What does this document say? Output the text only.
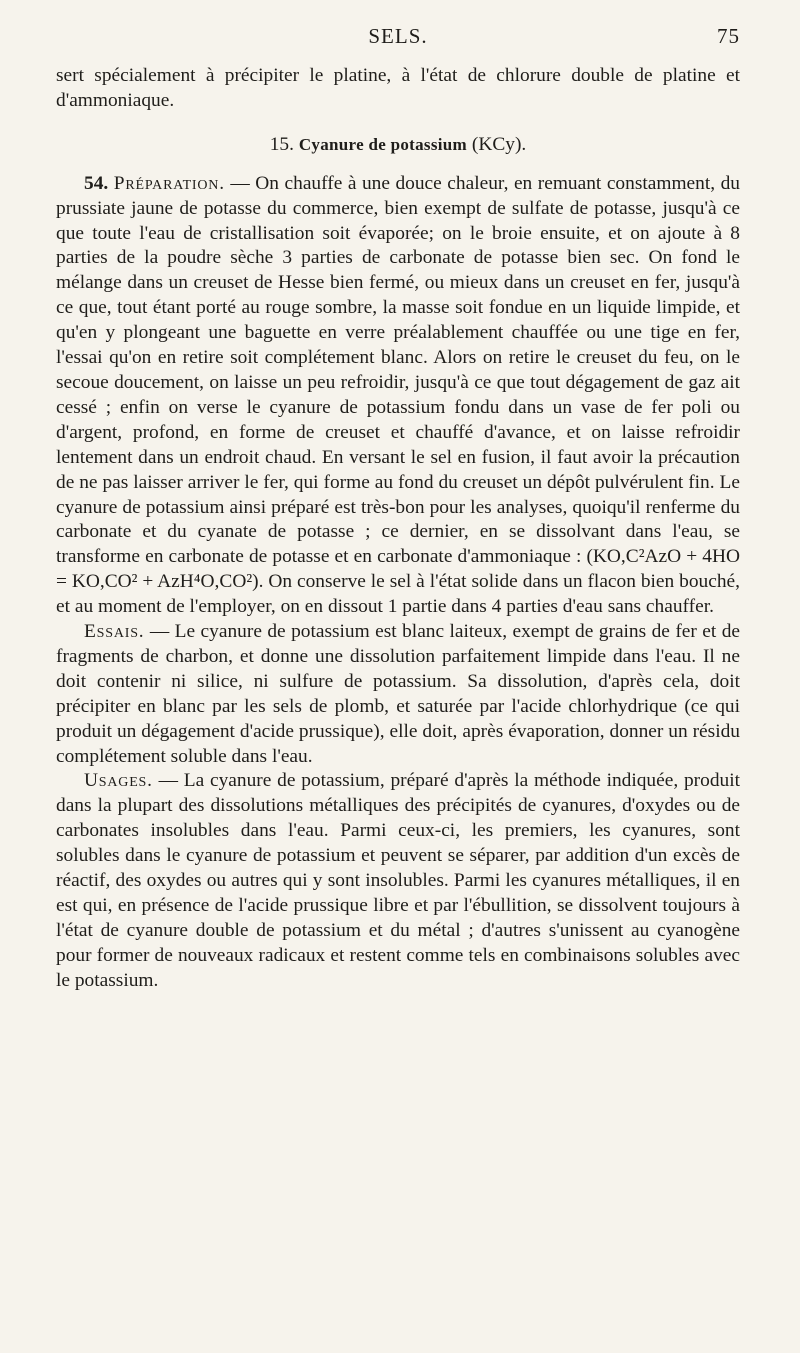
SELS.	75

sert spécialement à précipiter le platine, à l'état de chlorure double de platine et d'ammoniaque.

15. Cyanure de potassium (KCy).

54. Préparation. — On chauffe à une douce chaleur, en remuant constamment, du prussiate jaune de potasse du commerce, bien exempt de sulfate de potasse, jusqu'à ce que toute l'eau de cristallisation soit évaporée; on le broie ensuite, et on ajoute à 8 parties de la poudre sèche 3 parties de carbonate de potasse bien sec. On fond le mélange dans un creuset de Hesse bien fermé, ou mieux dans un creuset en fer, jusqu'à ce que, tout étant porté au rouge sombre, la masse soit fondue en un liquide limpide, et qu'en y plongeant une baguette en verre préalablement chauffée ou une tige en fer, l'essai qu'on en retire soit complétement blanc. Alors on retire le creuset du feu, on le secoue doucement, on laisse un peu refroidir, jusqu'à ce que tout dégagement de gaz ait cessé ; enfin on verse le cyanure de potassium fondu dans un vase de fer poli ou d'argent, profond, en forme de creuset et chauffé d'avance, et on laisse refroidir lentement dans un endroit chaud. En versant le sel en fusion, il faut avoir la précaution de ne pas laisser arriver le fer, qui forme au fond du creuset un dépôt pulvérulent fin. Le cyanure de potassium ainsi préparé est très-bon pour les analyses, quoiqu'il renferme du carbonate et du cyanate de potasse ; ce dernier, en se dissolvant dans l'eau, se transforme en carbonate de potasse et en carbonate d'ammoniaque : (KO,C²AzO + 4HO = KO,CO² + AzH⁴O,CO²). On conserve le sel à l'état solide dans un flacon bien bouché, et au moment de l'employer, on en dissout 1 partie dans 4 parties d'eau sans chauffer.

Essais. — Le cyanure de potassium est blanc laiteux, exempt de grains de fer et de fragments de charbon, et donne une dissolution parfaitement limpide dans l'eau. Il ne doit contenir ni silice, ni sulfure de potassium. Sa dissolution, d'après cela, doit précipiter en blanc par les sels de plomb, et saturée par l'acide chlorhydrique (ce qui produit un dégagement d'acide prussique), elle doit, après évaporation, donner un résidu complétement soluble dans l'eau.

Usages. — La cyanure de potassium, préparé d'après la méthode indiquée, produit dans la plupart des dissolutions métalliques des précipités de cyanures, d'oxydes ou de carbonates insolubles dans l'eau. Parmi ceux-ci, les premiers, les cyanures, sont solubles dans le cyanure de potassium et peuvent se séparer, par addition d'un excès de réactif, des oxydes ou autres qui y sont insolubles. Parmi les cyanures métalliques, il en est qui, en présence de l'acide prussique libre et par l'ébullition, se dissolvent toujours à l'état de cyanure double de potassium et du métal ; d'autres s'unissent au cyanogène pour former de nouveaux radicaux et restent comme tels en combinaisons solubles avec le potassium.
